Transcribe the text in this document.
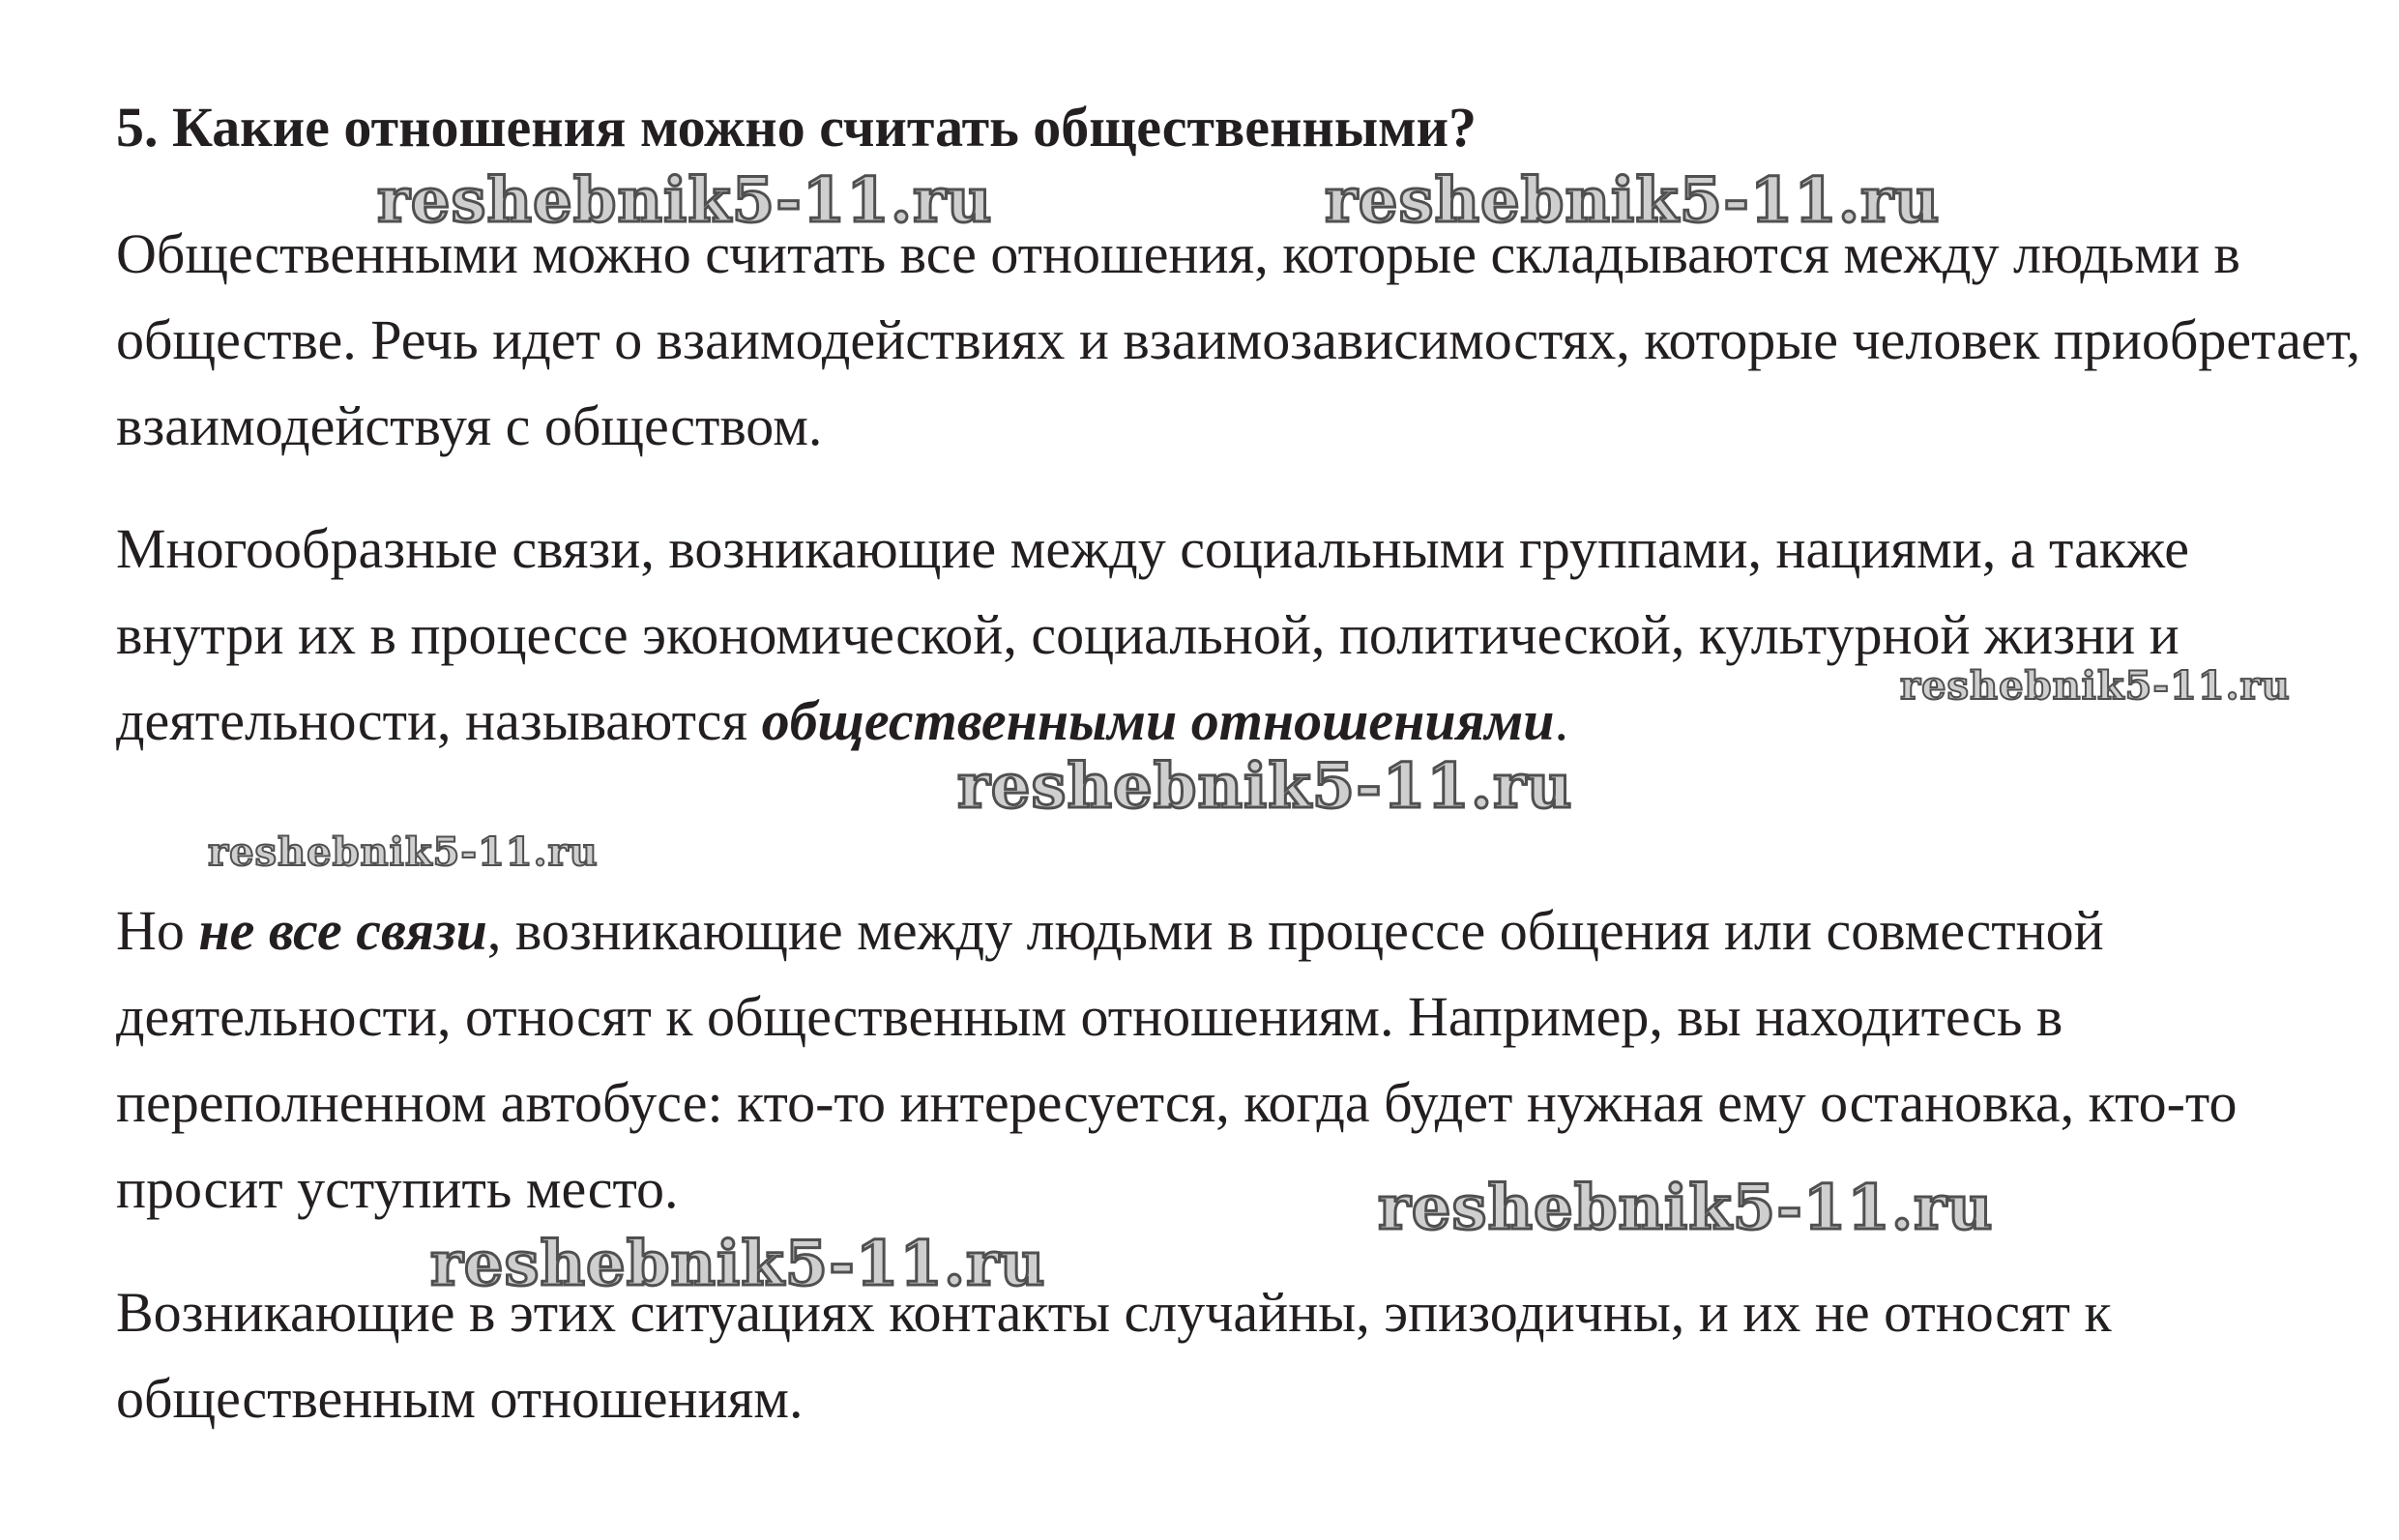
5. Какие отношения можно считать общественными?

Общественными можно считать все отношения, которые складываются между людьми в обществе. Речь идет о взаимодействиях и взаимозависимостях, которые человек приобретает, взаимодействуя с обществом.

Многообразные связи, возникающие между социальными группами, нациями, а также внутри их в процессе экономической, социальной, политической, культурной жизни и деятельности, называются общественными отношениями.

Но не все связи, возникающие между людьми в процессе общения или совместной деятельности, относят к общественным отношениям. Например, вы находитесь в переполненном автобусе: кто-то интересуется, когда будет нужная ему остановка, кто-то просит уступить место.

Возникающие в этих ситуациях контакты случайны, эпизодичны, и их не относят к общественным отношениям.

reshebnik5-11.ru	reshebnik5-11.ru
reshebnik5-11.ru
reshebnik5-11.ru
reshebnik5-11.ru
reshebnik5-11.ru
reshebnik5-11.ru
